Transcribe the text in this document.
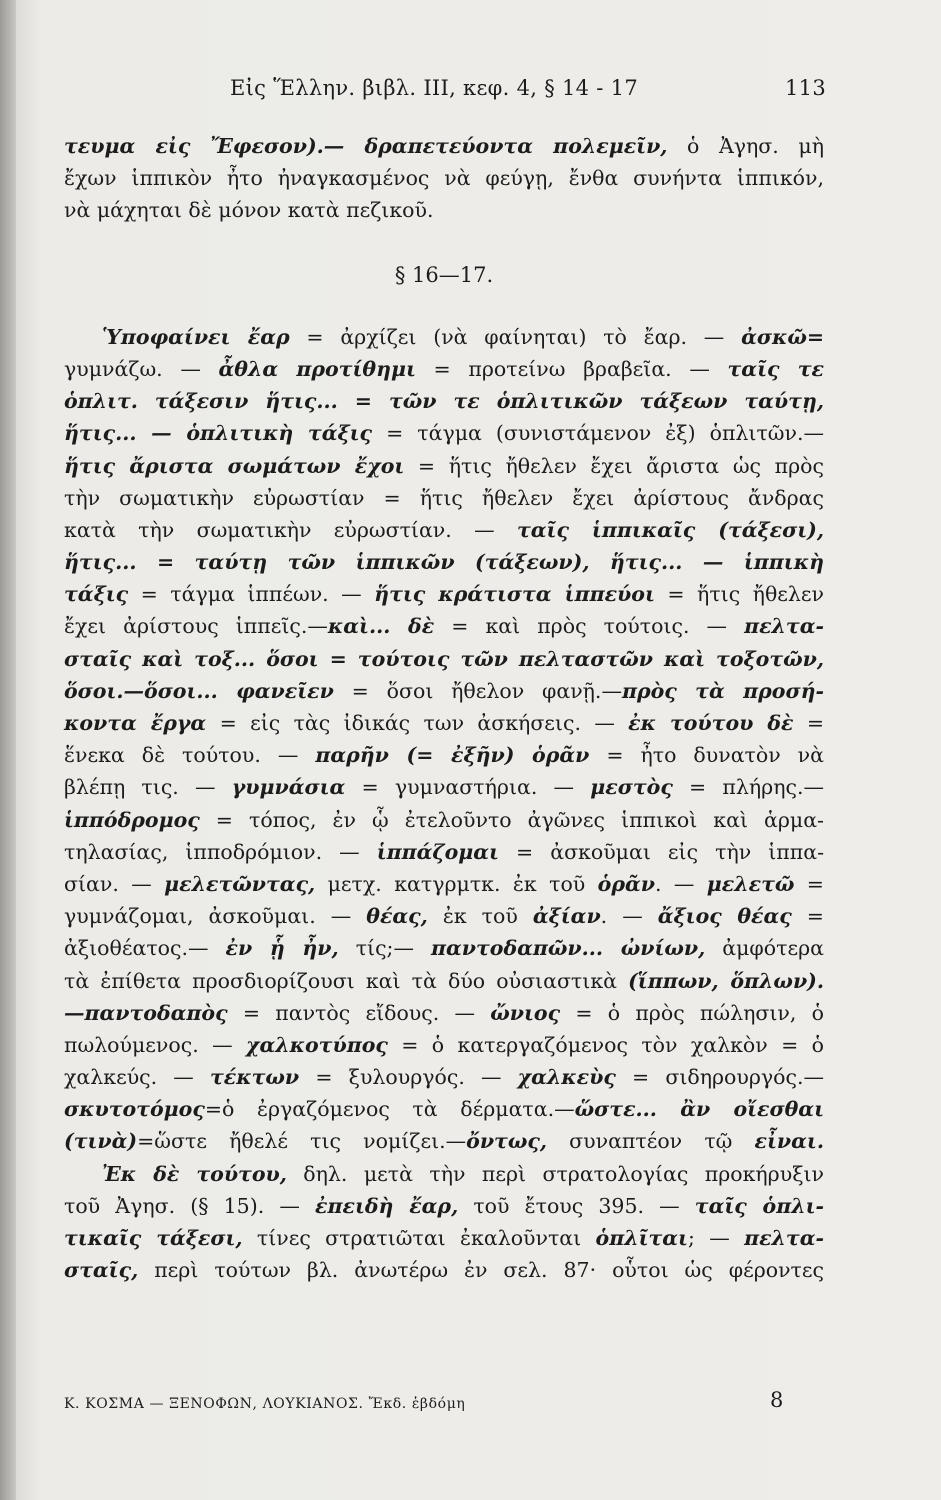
Εἰς Ἕλλην. βιβλ. III, κεφ. 4, § 14 - 17	113
τευμα εἰς Ἔφεσον).— δραπετεύοντα πολεμεῖν, ὁ Ἀγησ. μὴ
ἔχων ἱππικὸν ἦτο ἠναγκασμένος νὰ φεύγῃ, ἔνθα συνήντα ἱππικόν,
νὰ μάχηται δὲ μόνον κατὰ πεζικοῦ.
§ 16—17.
Ὑποφαίνει ἔαρ = ἀρχίζει (νὰ φαίνηται) τὸ ἔαρ. — ἀσκῶ=
γυμνάζω. — ἆθλα προτίθημι = προτείνω βραβεῖα. — ταῖς τε
ὁπλιτ. τάξεσιν ἥτις... = τῶν τε ὁπλιτικῶν τάξεων ταύτῃ,
ἥτις... — ὁπλιτικὴ τάξις = τάγμα (συνιστάμενον ἐξ) ὁπλιτῶν.—
ἥτις ἄριστα σωμάτων ἔχοι = ἥτις ἤθελεν ἔχει ἄριστα ὡς πρὸς
τὴν σωματικὴν εὐρωστίαν = ἥτις ἤθελεν ἔχει ἀρίστους ἄνδρας
κατὰ τὴν σωματικὴν εὐρωστίαν. — ταῖς ἱππικαῖς (τάξεσι),
ἥτις... = ταύτῃ τῶν ἱππικῶν (τάξεων), ἥτις... — ἱππικὴ
τάξις = τάγμα ἱππέων. — ἥτις κράτιστα ἱππεύοι = ἥτις ἤθελεν
ἔχει ἀρίστους ἱππεῖς.—καὶ... δὲ = καὶ πρὸς τούτοις. — πελτα-
σταῖς καὶ τοξ... ὅσοι = τούτοις τῶν πελταστῶν καὶ τοξοτῶν,
ὅσοι.—ὅσοι... φανεῖεν = ὅσοι ἤθελον φανῇ.—πρὸς τὰ προσή-
κοντα ἔργα = εἰς τὰς ἰδικάς των ἀσκήσεις. — ἐκ τούτου δὲ =
ἕνεκα δὲ τούτου. — παρῆν (= ἐξῆν) ὁρᾶν = ἦτο δυνατὸν νὰ
βλέπῃ τις. — γυμνάσια = γυμναστήρια. — μεστὸς = πλήρης.—
ἱππόδρομος = τόπος, ἐν ᾧ ἐτελοῦντο ἀγῶνες ἱππικοὶ καὶ ἁρμα-
τηλασίας, ἱπποδρόμιον. — ἱππάζομαι = ἀσκοῦμαι εἰς τὴν ἱππα-
σίαν. — μελετῶντας, μετχ. κατγρμτκ. ἐκ τοῦ ὁρᾶν. — μελετῶ =
γυμνάζομαι, ἀσκοῦμαι. — θέας, ἐκ τοῦ ἀξίαν. — ἄξιος θέας =
ἀξιοθέατος.— ἐν ᾗ ἦν, τίς;— παντοδαπῶν... ὠνίων, ἀμφότερα
τὰ ἐπίθετα προσδιορίζουσι καὶ τὰ δύο οὐσιαστικὰ (ἵππων, ὅπλων).
—παντοδαπὸς = παντὸς εἴδους. — ὤνιος = ὁ πρὸς πώλησιν, ὁ
πωλούμενος. — χαλκοτύπος = ὁ κατεργαζόμενος τὸν χαλκὸν = ὁ
χαλκεύς. — τέκτων = ξυλουργός. — χαλκεὺς = σιδηρουργός.—
σκυτοτόμος=ὁ ἐργαζόμενος τὰ δέρματα.—ὥστε... ἂν οἴεσθαι
(τινὰ)=ὥστε ἤθελέ τις νομίζει.—ὄντως, συναπτέον τῷ εἶναι.
Ἐκ δὲ τούτου, δηλ. μετὰ τὴν περὶ στρατολογίας προκήρυξιν
τοῦ Ἀγησ. (§ 15). — ἐπειδὴ ἔαρ, τοῦ ἔτους 395. — ταῖς ὁπλι-
τικαῖς τάξεσι, τίνες στρατιῶται ἐκαλοῦνται ὁπλῖται; — πελτα-
σταῖς, περὶ τούτων βλ. ἀνωτέρω ἐν σελ. 87· οὗτοι ὡς φέροντες
Κ. ΚΟΣΜΑ — ΞΕΝΟΦΩΝ, ΛΟΥΚΙΑΝΟΣ. Ἔκδ. ἑβδόμη	8
